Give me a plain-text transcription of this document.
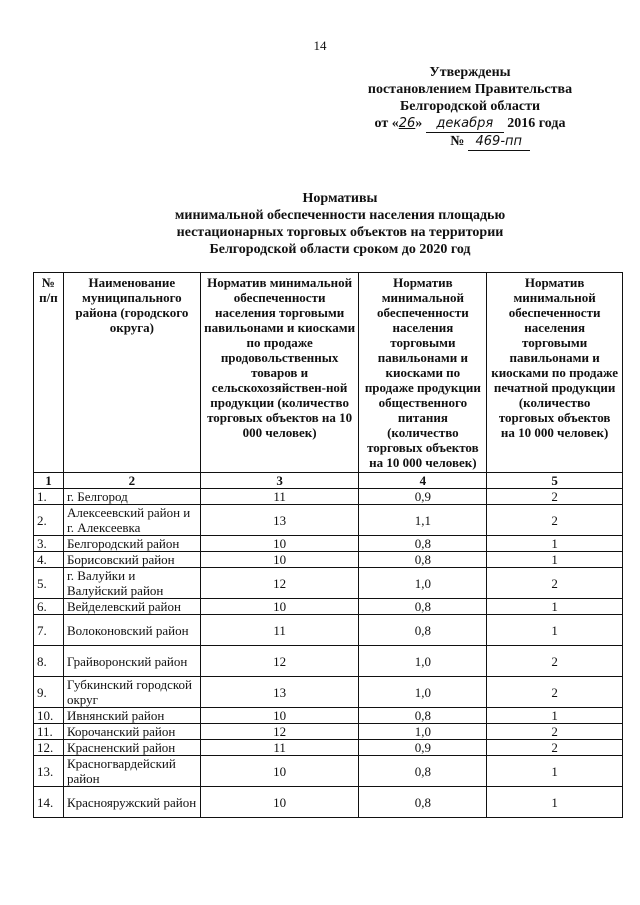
14
Утверждены
постановлением Правительства
Белгородской области
от «26» декабря 2016 года
№ 469-пп
Нормативы
минимальной обеспеченности населения площадью
нестационарных торговых объектов на территории
Белгородской области сроком до 2020 год
№ п/п	Наименование муниципального района (городского округа)	Норматив минимальной обеспеченности населения торговыми павильонами и киосками по продаже продовольственных товаров и сельскохозяйствен-ной продукции (количество торговых объектов на 10 000 человек)	Норматив минимальной обеспеченности населения торговыми павильонами и киосками по продаже продукции общественного питания (количество торговых объектов на 10 000 человек)	Норматив минимальной обеспеченности населения торговыми павильонами и киосками по продаже печатной продукции (количество торговых объектов на 10 000 человек)
1	2	3	4	5
1.	г. Белгород	11	0,9	2
2.	Алексеевский район и г. Алексеевка	13	1,1	2
3.	Белгородский район	10	0,8	1
4.	Борисовский район	10	0,8	1
5.	г. Валуйки и Валуйский район	12	1,0	2
6.	Вейделевский район	10	0,8	1
7.	Волоконовский район	11	0,8	1
8.	Грайворонский район	12	1,0	2
9.	Губкинский городской округ	13	1,0	2
10.	Ивнянский район	10	0,8	1
11.	Корочанский район	12	1,0	2
12.	Красненский район	11	0,9	2
13.	Красногвардейский район	10	0,8	1
14.	Краснояружский район	10	0,8	1
